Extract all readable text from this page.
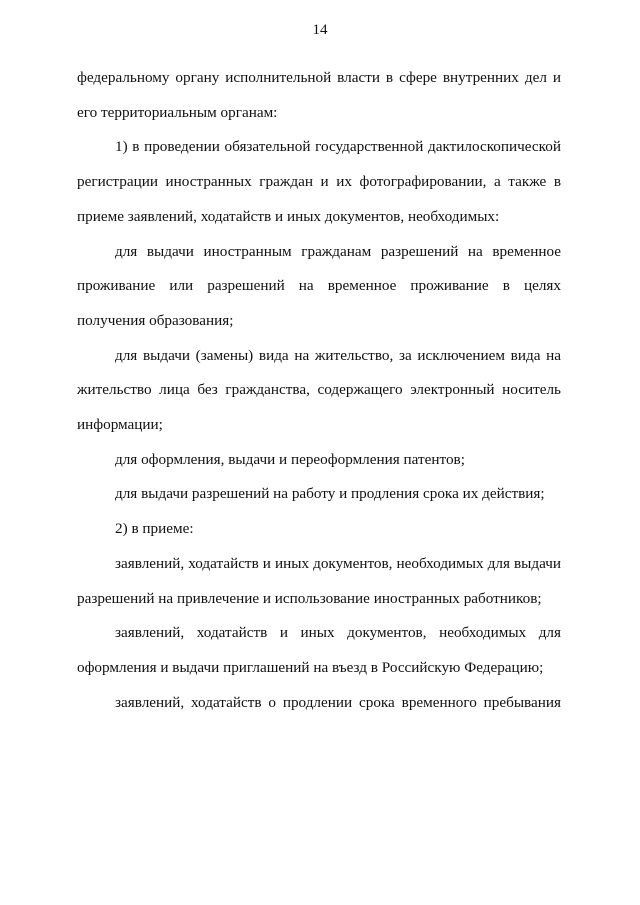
14

федеральному органу исполнительной власти в сфере внутренних дел и его территориальным органам:

1) в проведении обязательной государственной дактилоскопической регистрации иностранных граждан и их фотографировании, а также в приеме заявлений, ходатайств и иных документов, необходимых:

для выдачи иностранным гражданам разрешений на временное проживание или разрешений на временное проживание в целях получения образования;

для выдачи (замены) вида на жительство, за исключением вида на жительство лица без гражданства, содержащего электронный носитель информации;

для оформления, выдачи и переоформления патентов;

для выдачи разрешений на работу и продления срока их действия;

2) в приеме:

заявлений, ходатайств и иных документов, необходимых для выдачи разрешений на привлечение и использование иностранных работников;

заявлений, ходатайств и иных документов, необходимых для оформления и выдачи приглашений на въезд в Российскую Федерацию;

заявлений, ходатайств о продлении срока временного пребывания
